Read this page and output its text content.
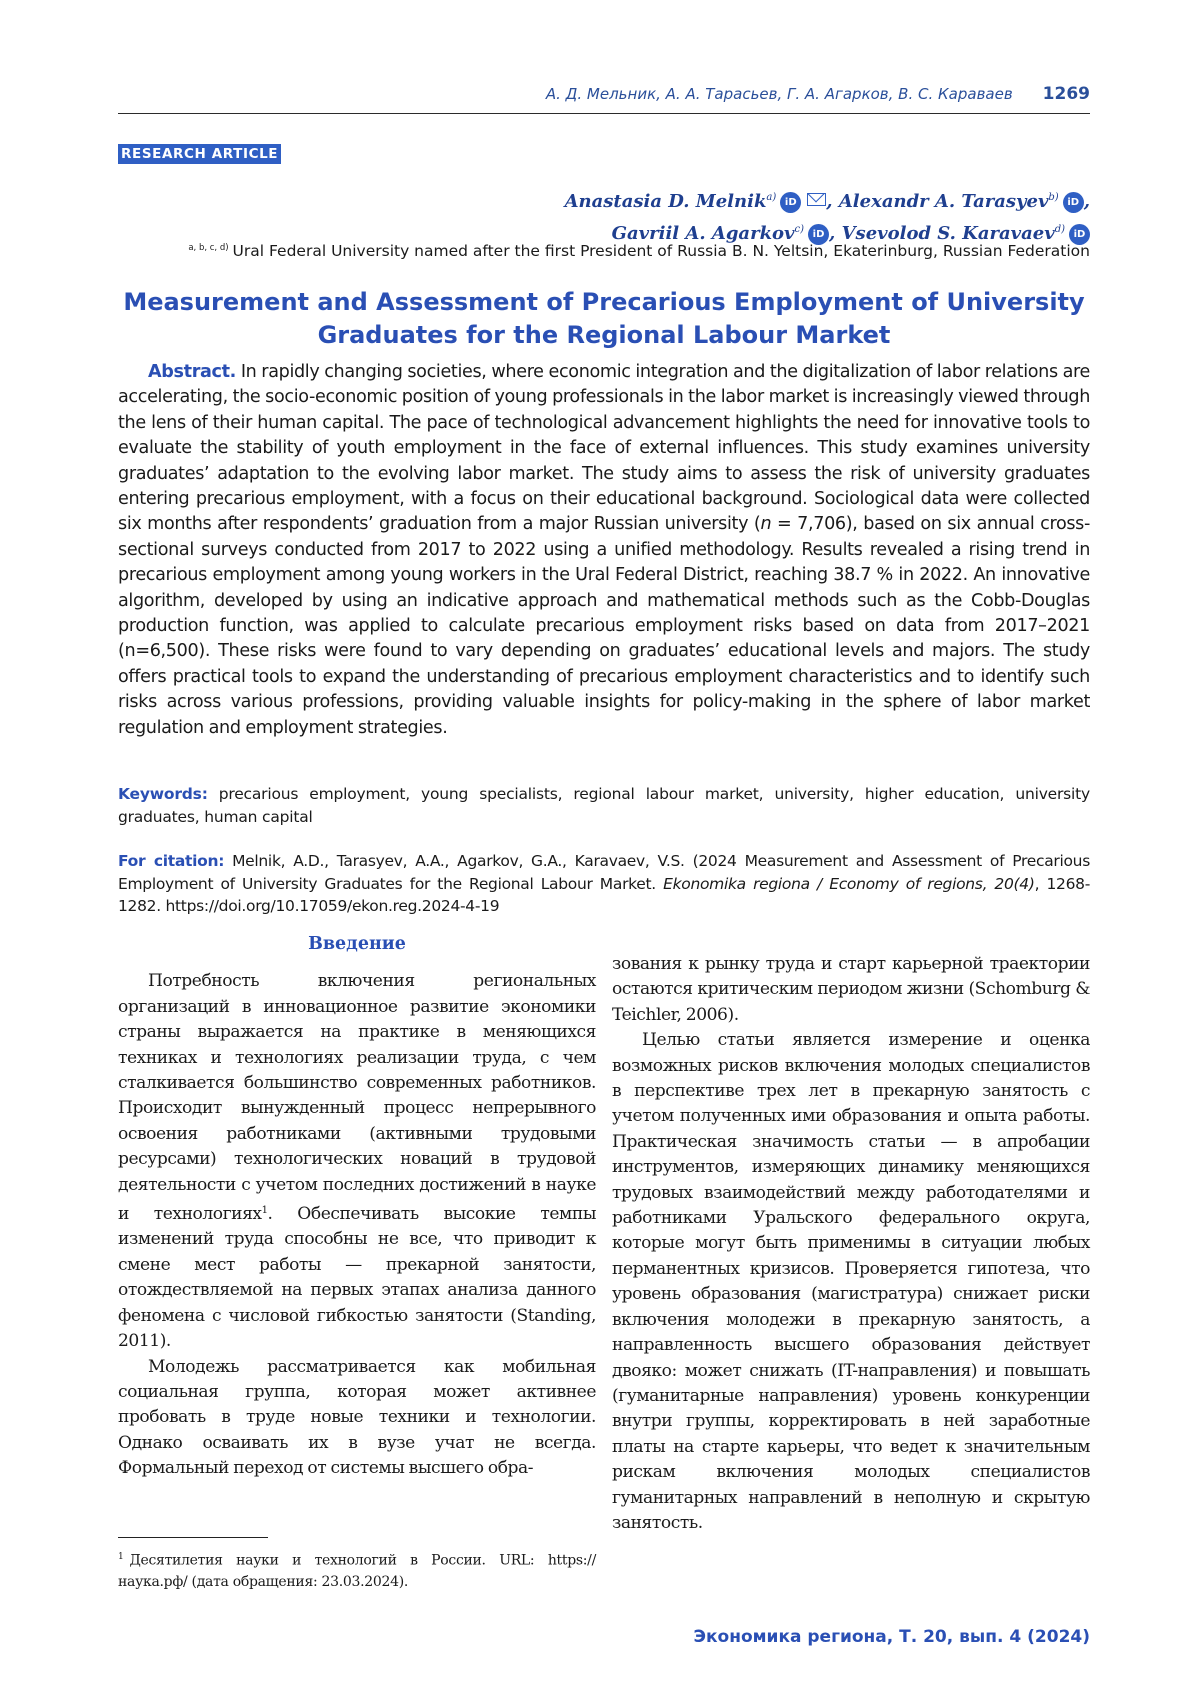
А. Д. Мельник, А. А. Тарасьев, Г. А. Агарков, В. С. Караваев 1269
RESEARCH ARTICLE
Anastasia D. Melnik$^{a)}$ iD , Alexandr A. Tarasyev$^{b)}$ iD ,
Gavriil A. Agarkov$^{c)}$ iD , Vsevolod S. Karavaev$^{d)}$ iD
$^{a, b, c, d)}$ Ural Federal University named after the first President of Russia B. N. Yeltsin, Ekaterinburg, Russian Federation
Measurement and Assessment of Precarious Employment of University Graduates for the Regional Labour Market
Abstract. In rapidly changing societies, where economic integration and the digitalization of labor relations are accelerating, the socio-economic position of young professionals in the labor market is increasingly viewed through the lens of their human capital. The pace of technological advancement highlights the need for innovative tools to evaluate the stability of youth employment in the face of external influences. This study examines university graduates’ adaptation to the evolving labor market. The study aims to assess the risk of university graduates entering precarious employment, with a focus on their educational background. Sociological data were collected six months after respondents’ graduation from a major Russian university (n = 7,706), based on six annual cross-sectional surveys conducted from 2017 to 2022 using a unified methodology. Results revealed a rising trend in precarious employment among young workers in the Ural Federal District, reaching 38.7 % in 2022. An innovative algorithm, developed by using an indicative approach and mathematical methods such as the Cobb-Douglas production function, was applied to calculate precarious employment risks based on data from 2017–2021 (n=6,500). These risks were found to vary depending on graduates’ educational levels and majors. The study offers practical tools to expand the understanding of precarious employment characteristics and to identify such risks across various professions, providing valuable insights for policy-making in the sphere of labor market regulation and employment strategies.
Keywords: precarious employment, young specialists, regional labour market, university, higher education, university graduates, human capital
For citation: Melnik, A.D., Tarasyev, A.A., Agarkov, G.A., Karavaev, V.S. (2024 Measurement and Assessment of Precarious Employment of University Graduates for the Regional Labour Market. Ekonomika regiona / Economy of regions, 20(4), 1268-1282. https://doi.org/10.17059/ekon.reg.2024-4-19
Введение

Потребность включения региональных организаций в инновационное развитие экономики страны выражается на практике в меняющихся техниках и технологиях реализации труда, с чем сталкивается большинство современных работников. Происходит вынужденный процесс непрерывного освоения работниками (активными трудовыми ресурсами) технологических новаций в трудовой деятельности с учетом последних достижений в науке и технологиях$^1$. Обеспечивать высокие темпы изменений труда способны не все, что приводит к смене мест работы — прекарной занятости, отождествляемой на первых этапах анализа данного феномена с числовой гибкостью занятости (Standing, 2011).

Молодежь рассматривается как мобильная социальная группа, которая может активнее пробовать в труде новые техники и технологии. Однако осваивать их в вузе учат не всегда. Формальный переход от системы высшего обра-

зования к рынку труда и старт карьерной траектории остаются критическим периодом жизни (Schomburg & Teichler, 2006).

Целью статьи является измерение и оценка возможных рисков включения молодых специалистов в перспективе трех лет в прекарную занятость с учетом полученных ими образования и опыта работы. Практическая значимость статьи — в апробации инструментов, измеряющих динамику меняющихся трудовых взаимодействий между работодателями и работниками Уральского федерального округа, которые могут быть применимы в ситуации любых перманентных кризисов. Проверяется гипотеза, что уровень образования (магистратура) снижает риски включения молодежи в прекарную занятость, а направленность высшего образования действует двояко: может снижать (IT-направления) и повышать (гуманитарные направления) уровень конкуренции внутри группы, корректировать в ней заработные платы на старте карьеры, что ведет к значительным рискам включения молодых специалистов гуманитарных направлений в неполную и скрытую занятость.

$^1$ Десятилетия науки и технологий в России. URL: https://наука.рф/ (дата обращения: 23.03.2024).
Экономика региона, Т. 20, вып. 4 (2024)
